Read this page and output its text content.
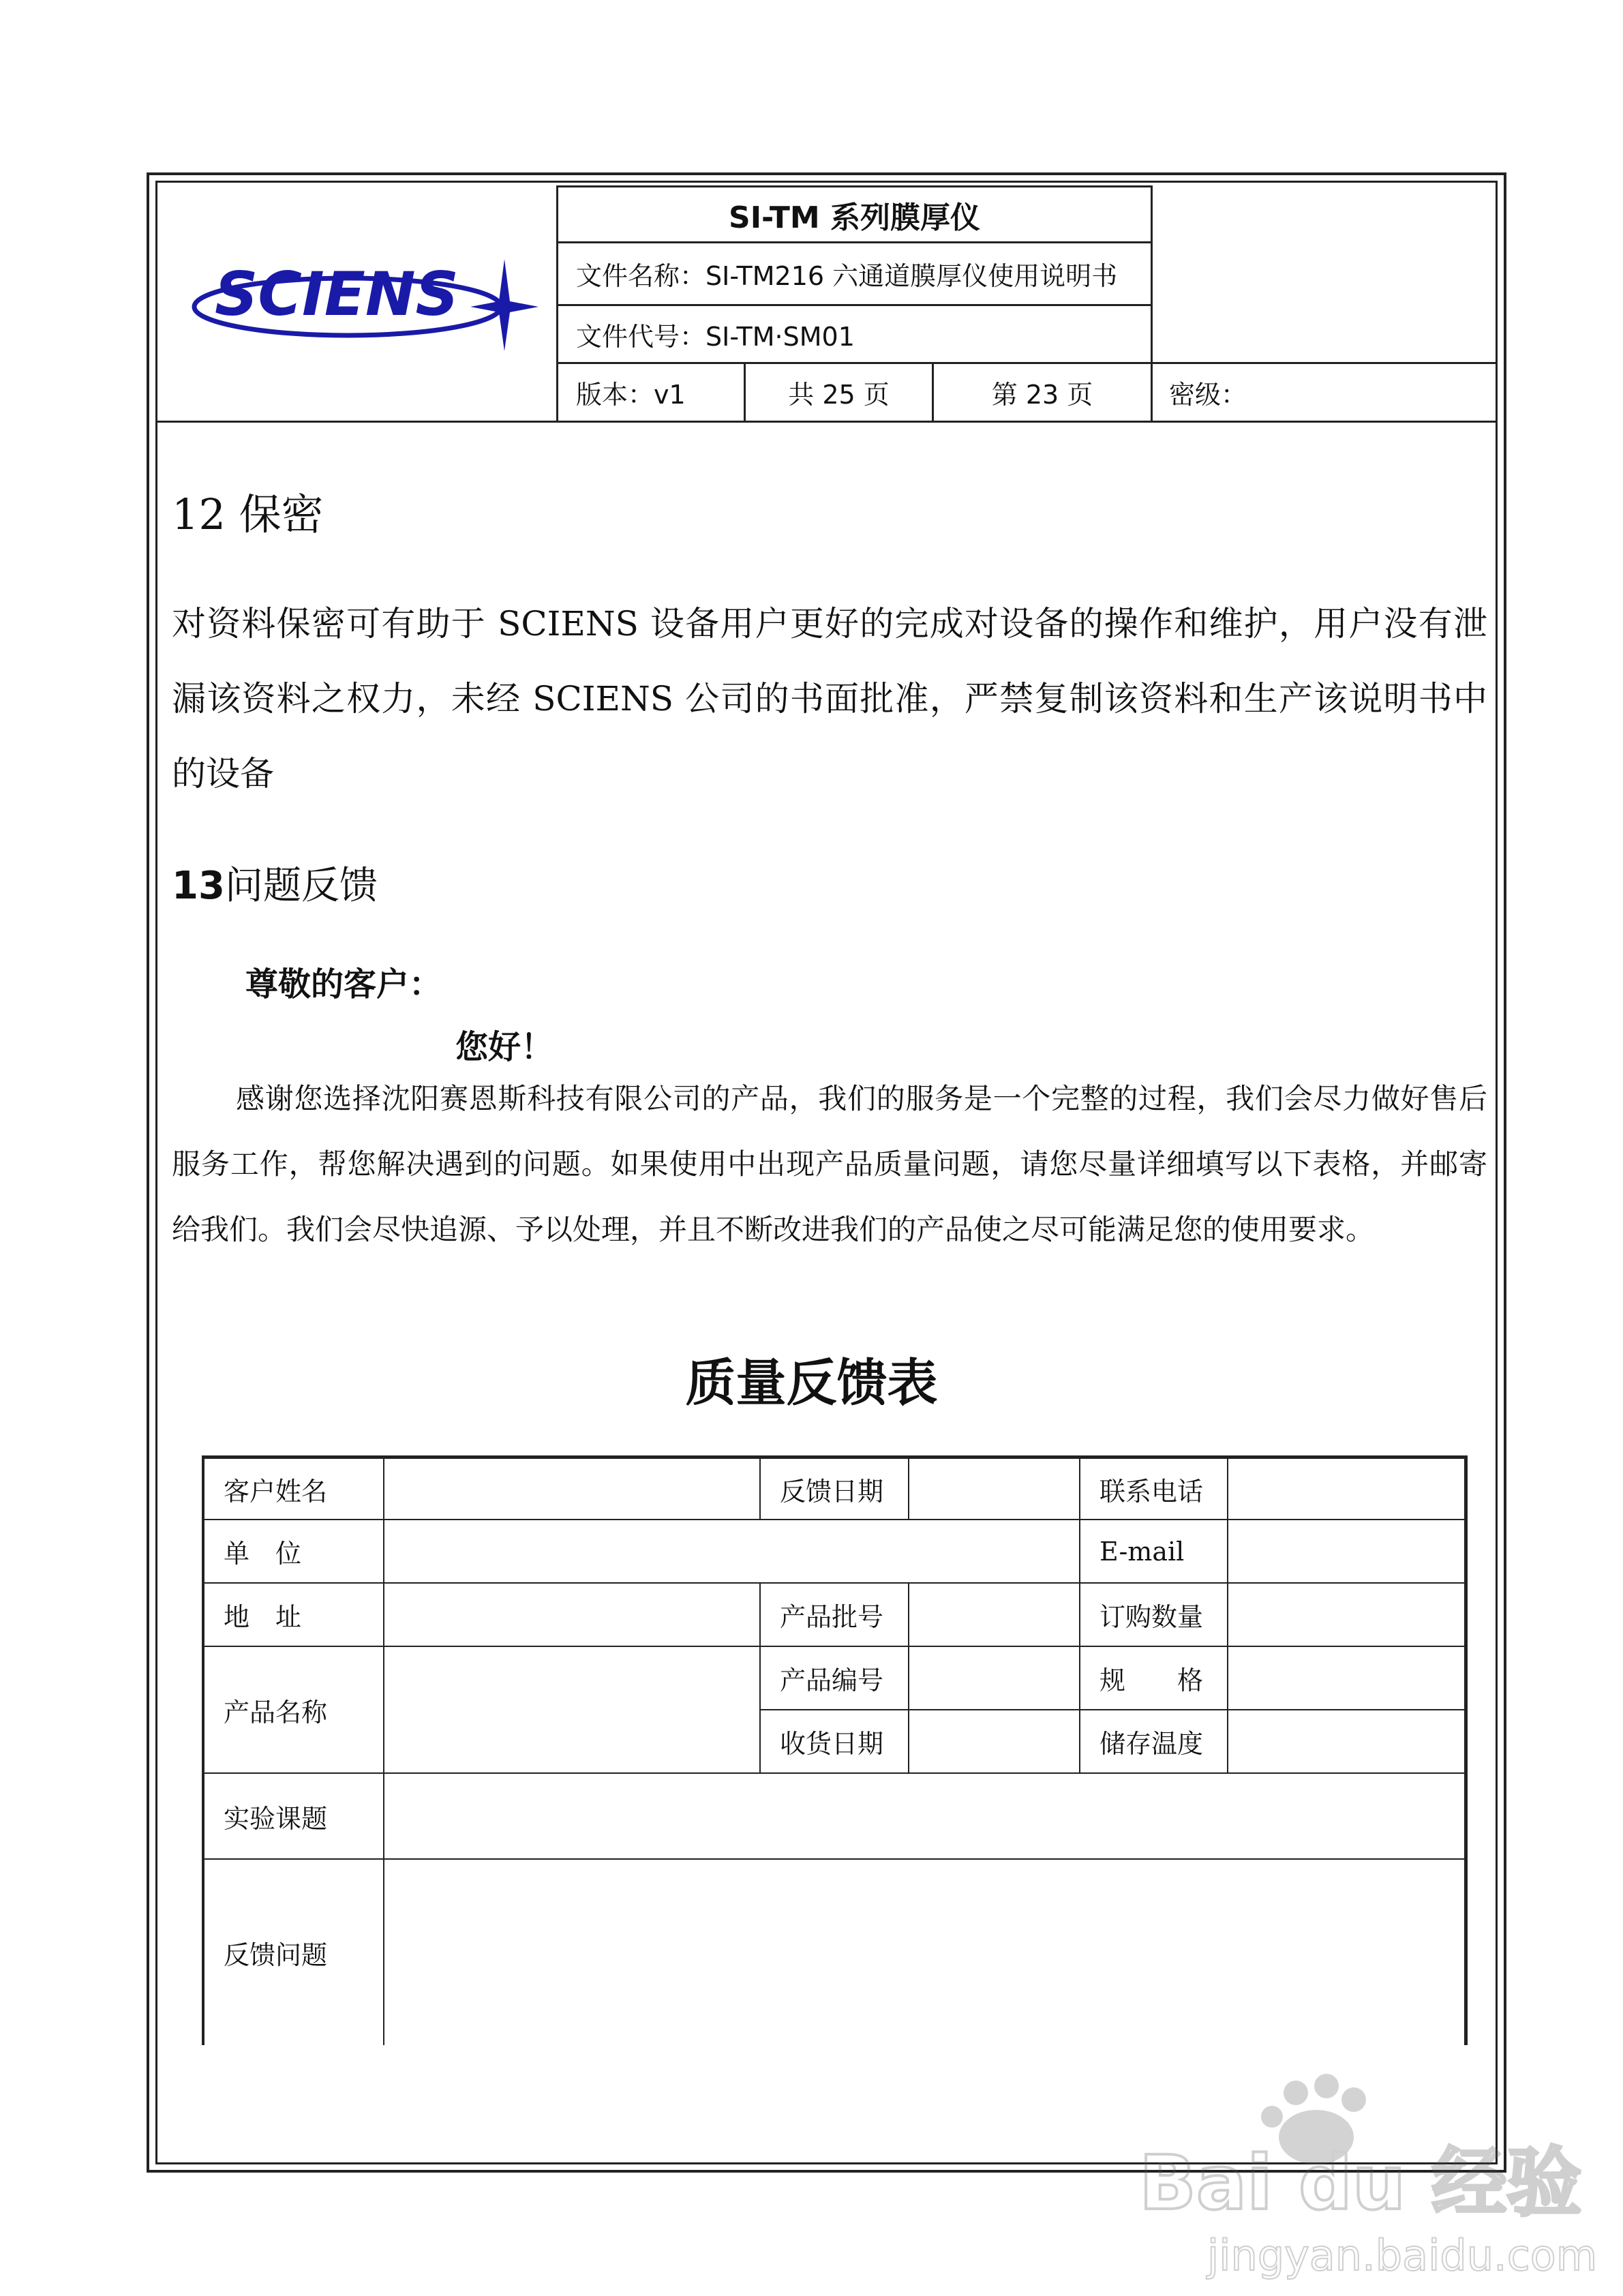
SCIENS
SI-TM 系列膜厚仪
文件名称：SI-TM216 六通道膜厚仪使用说明书
文件代号：SI-TM·SM01
版本：v1	共 25 页	第 23 页	密级：
12 保密
对资料保密可有助于 SCIENS 设备用户更好的完成对设备的操作和维护，用户没有泄漏该资料之权力，未经 SCIENS 公司的书面批准，严禁复制该资料和生产该说明书中的设备
13问题反馈
尊敬的客户：
您好！
感谢您选择沈阳赛恩斯科技有限公司的产品，我们的服务是一个完整的过程，我们会尽力做好售后服务工作，帮您解决遇到的问题。如果使用中出现产品质量问题，请您尽量详细填写以下表格，并邮寄给我们。我们会尽快追源、予以处理，并且不断改进我们的产品使之尽可能满足您的使用要求。
质量反馈表
客户姓名	反馈日期	联系电话
单　位	E-mail
地　址	产品批号	订购数量
产品名称
产品编号	规　　格
收货日期	储存温度
实验课题
反馈问题
Bai du 经验
jingyan.baidu.com
